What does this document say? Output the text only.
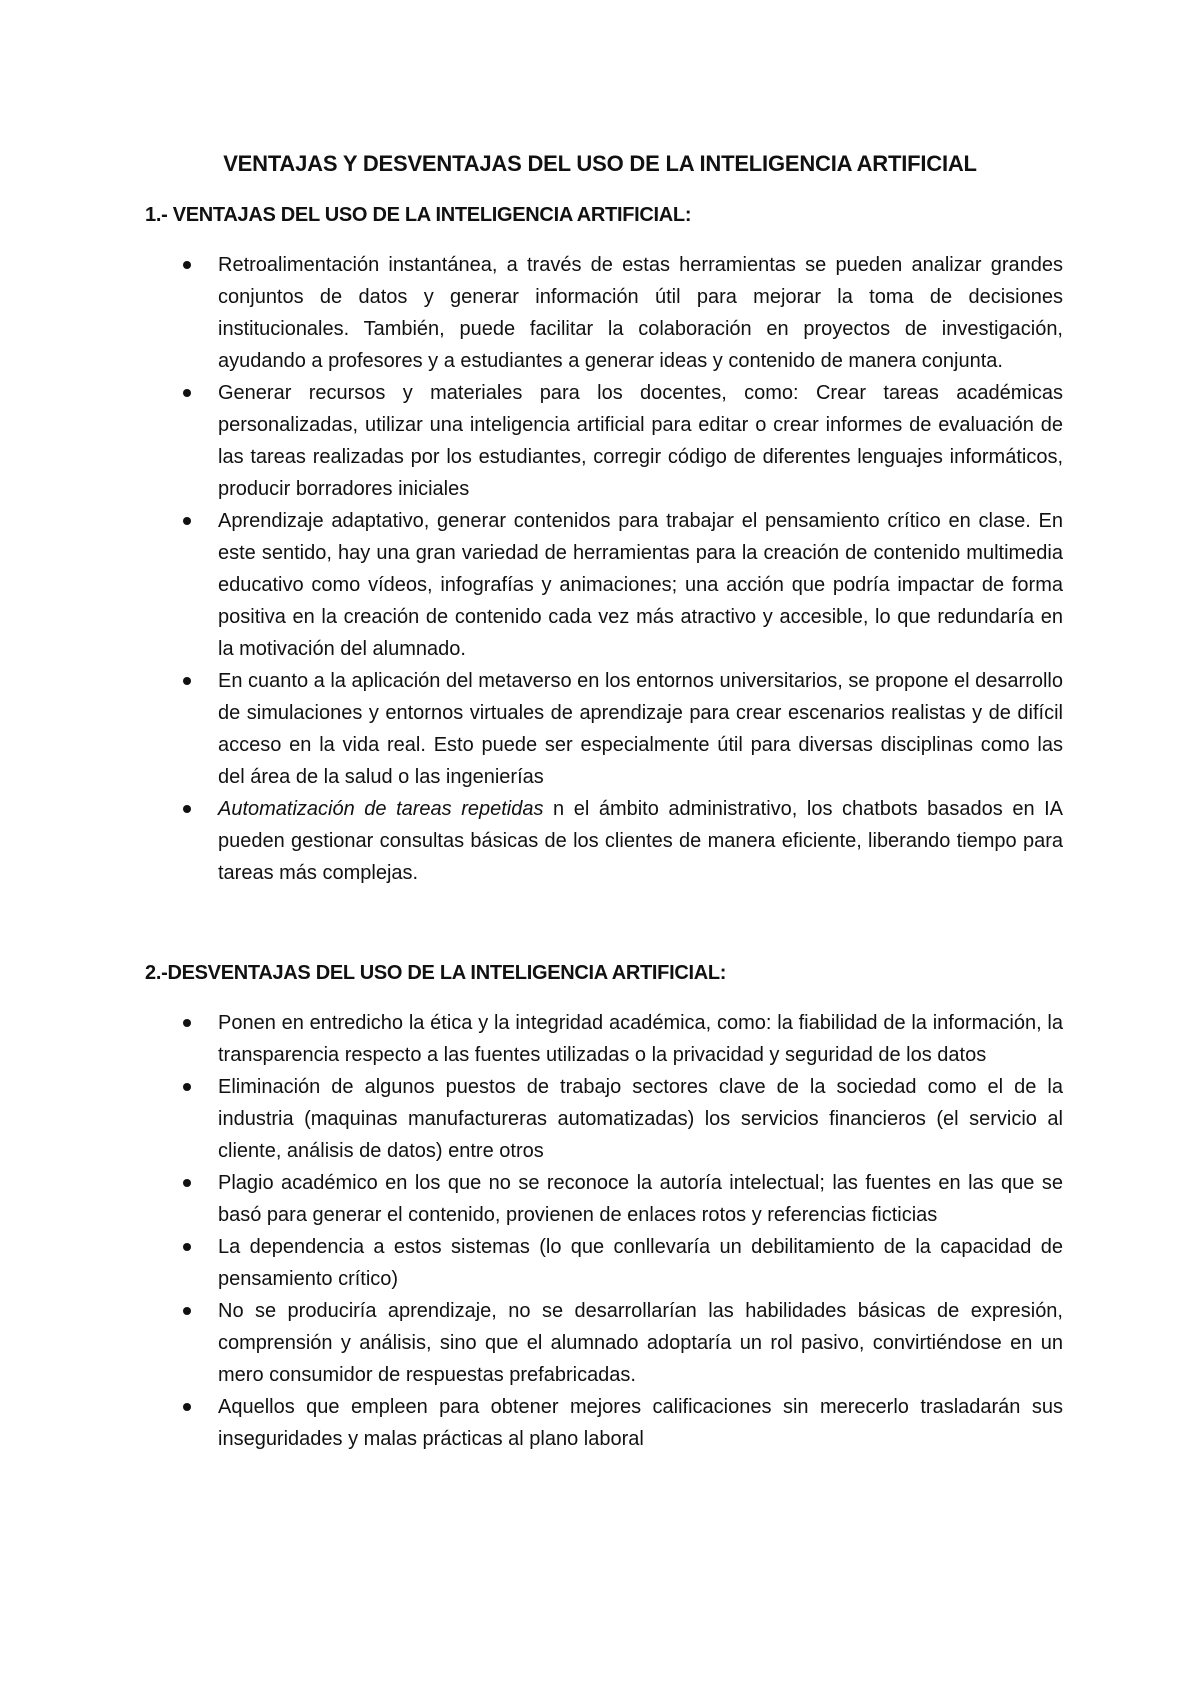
VENTAJAS Y DESVENTAJAS DEL USO DE LA INTELIGENCIA ARTIFICIAL
1.- VENTAJAS DEL USO DE LA INTELIGENCIA ARTIFICIAL:
Retroalimentación instantánea, a través de estas herramientas se pueden analizar grandes conjuntos de datos y generar información útil para mejorar la toma de decisiones institucionales. También, puede facilitar la colaboración en proyectos de investigación, ayudando a profesores y a estudiantes a generar ideas y contenido de manera conjunta.
Generar recursos y materiales para los docentes, como: Crear tareas académicas personalizadas, utilizar una inteligencia artificial para editar o crear informes de evaluación de las tareas realizadas por los estudiantes, corregir código de diferentes lenguajes informáticos, producir borradores iniciales
Aprendizaje adaptativo, generar contenidos para trabajar el pensamiento crítico en clase. En este sentido, hay una gran variedad de herramientas para la creación de contenido multimedia educativo como vídeos, infografías y animaciones; una acción que podría impactar de forma positiva en la creación de contenido cada vez más atractivo y accesible, lo que redundaría en la motivación del alumnado.
En cuanto a la aplicación del metaverso en los entornos universitarios, se propone el desarrollo de simulaciones y entornos virtuales de aprendizaje para crear escenarios realistas y de difícil acceso en la vida real. Esto puede ser especialmente útil para diversas disciplinas como las del área de la salud o las ingenierías
Automatización de tareas repetidas n el ámbito administrativo, los chatbots basados en IA pueden gestionar consultas básicas de los clientes de manera eficiente, liberando tiempo para tareas más complejas.
2.-DESVENTAJAS DEL USO DE LA INTELIGENCIA ARTIFICIAL:
Ponen en entredicho la ética y la integridad académica, como: la fiabilidad de la información, la transparencia respecto a las fuentes utilizadas o la privacidad y seguridad de los datos
Eliminación de algunos puestos de trabajo sectores clave de la sociedad como el de la industria (maquinas manufactureras automatizadas) los servicios financieros (el servicio al cliente, análisis de datos) entre otros
Plagio académico en los que no se reconoce la autoría intelectual; las fuentes en las que se basó para generar el contenido, provienen de enlaces rotos y referencias ficticias
La dependencia a estos sistemas (lo que conllevaría un debilitamiento de la capacidad de pensamiento crítico)
No se produciría aprendizaje, no se desarrollarían las habilidades básicas de expresión, comprensión y análisis, sino que el alumnado adoptaría un rol pasivo, convirtiéndose en un mero consumidor de respuestas prefabricadas.
Aquellos que empleen para obtener mejores calificaciones sin merecerlo trasladarán sus inseguridades y malas prácticas al plano laboral
